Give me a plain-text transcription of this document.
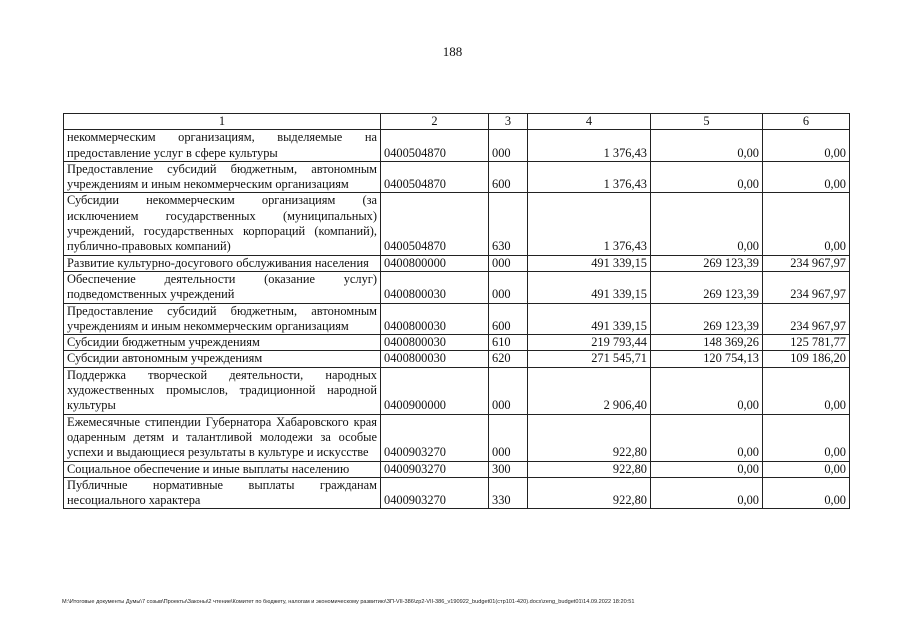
188
1	2	3	4	5	6
некоммерческим организациям, выделяемые на предоставление услуг в сфере культуры	0400504870	000	1 376,43	0,00	0,00
Предоставление субсидий бюджетным, автономным учреждениям и иным некоммерческим организациям	0400504870	600	1 376,43	0,00	0,00
Субсидии некоммерческим организациям (за исключением государственных (муниципальных) учреждений, государственных корпораций (компаний), публично-правовых компаний)	0400504870	630	1 376,43	0,00	0,00
Развитие культурно-досугового обслуживания населения	0400800000	000	491 339,15	269 123,39	234 967,97
Обеспечение деятельности (оказание услуг) подведомственных учреждений	0400800030	000	491 339,15	269 123,39	234 967,97
Предоставление субсидий бюджетным, автономным учреждениям и иным некоммерческим организациям	0400800030	600	491 339,15	269 123,39	234 967,97
Субсидии бюджетным учреждениям	0400800030	610	219 793,44	148 369,26	125 781,77
Субсидии автономным учреждениям	0400800030	620	271 545,71	120 754,13	109 186,20
Поддержка творческой деятельности, народных художественных промыслов, традиционной народной культуры	0400900000	000	2 906,40	0,00	0,00
Ежемесячные стипендии Губернатора Хабаровского края одаренным детям и талантливой молодежи за особые успехи и выдающиеся результаты в культуре и искусстве	0400903270	000	922,80	0,00	0,00
Социальное обеспечение и иные выплаты населению	0400903270	300	922,80	0,00	0,00
Публичные нормативные выплаты гражданам несоциального характера	0400903270	330	922,80	0,00	0,00
M:\Итоговые документы Думы\7 созыв\Проекты\Законы\2 чтение\Комитет по бюджету, налогам и экономическому развитию\ЗП-VII-386\zp2-VII-386_v190922_budget01(стр101-420).docx\zeng_budget01\14.09.2022 18:20:51
